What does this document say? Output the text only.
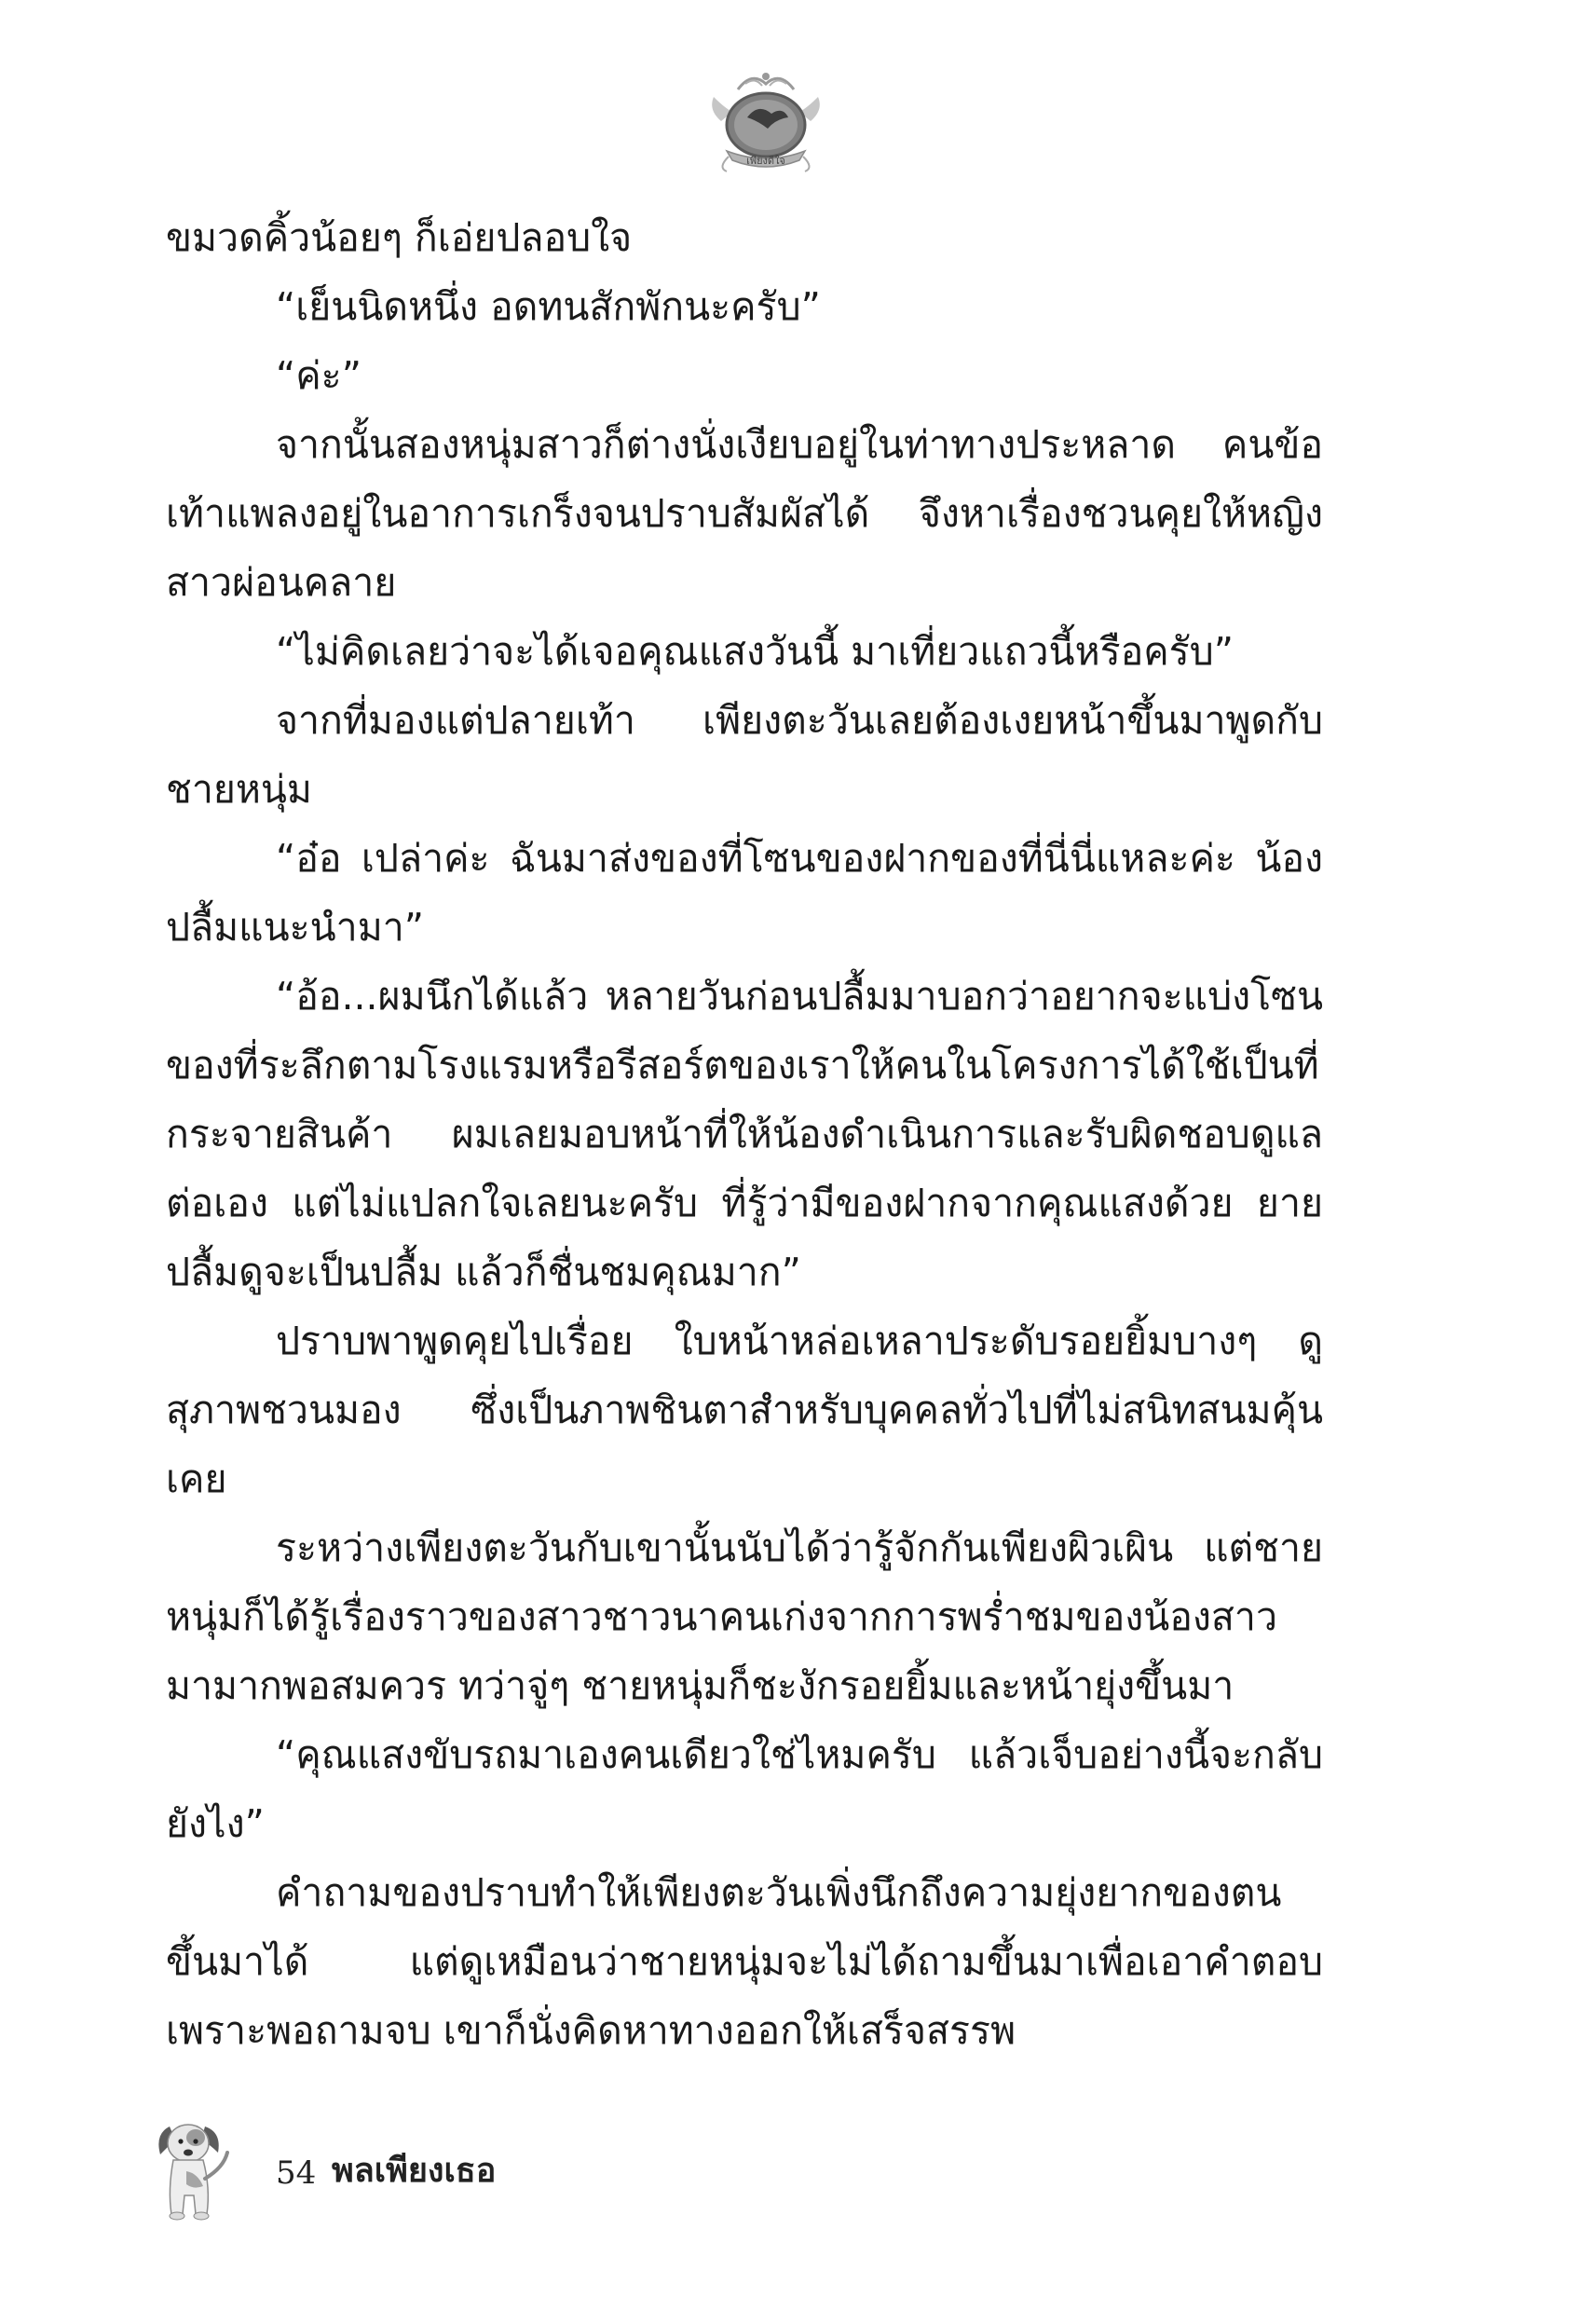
เพียงดีใจ

ขมวดคิ้วน้อยๆ ก็เอ่ยปลอบใจ

“เย็นนิดหนึ่ง อดทนสักพักนะครับ”

“ค่ะ”

จากนั้นสองหนุ่มสาวก็ต่างนั่งเงียบอยู่ในท่าทางประหลาด คนข้อเท้าแพลงอยู่ในอาการเกร็งจนปราบสัมผัสได้ จึงหาเรื่องชวนคุยให้หญิงสาวผ่อนคลาย

“ไม่คิดเลยว่าจะได้เจอคุณแสงวันนี้ มาเที่ยวแถวนี้หรือครับ”

จากที่มองแต่ปลายเท้า เพียงตะวันเลยต้องเงยหน้าขึ้นมาพูดกับชายหนุ่ม

“อ๋อ เปล่าค่ะ ฉันมาส่งของที่โซนของฝากของที่นี่นี่แหละค่ะ น้องปลื้มแนะนำมา”

“อ้อ...ผมนึกได้แล้ว หลายวันก่อนปลื้มมาบอกว่าอยากจะแบ่งโซนของที่ระลึกตามโรงแรมหรือรีสอร์ตของเราให้คนในโครงการได้ใช้เป็นที่กระจายสินค้า ผมเลยมอบหน้าที่ให้น้องดำเนินการและรับผิดชอบดูแลต่อเอง แต่ไม่แปลกใจเลยนะครับ ที่รู้ว่ามีของฝากจากคุณแสงด้วย ยายปลื้มดูจะเป็นปลื้ม แล้วก็ชื่นชมคุณมาก”

ปราบพาพูดคุยไปเรื่อย ใบหน้าหล่อเหลาประดับรอยยิ้มบางๆ ดูสุภาพชวนมอง ซึ่งเป็นภาพชินตาสำหรับบุคคลทั่วไปที่ไม่สนิทสนมคุ้นเคย

ระหว่างเพียงตะวันกับเขานั้นนับได้ว่ารู้จักกันเพียงผิวเผิน แต่ชายหนุ่มก็ได้รู้เรื่องราวของสาวชาวนาคนเก่งจากการพร่ำชมของน้องสาวมามากพอสมควร ทว่าจู่ๆ ชายหนุ่มก็ชะงักรอยยิ้มและหน้ายุ่งขึ้นมา

“คุณแสงขับรถมาเองคนเดียวใช่ไหมครับ แล้วเจ็บอย่างนี้จะกลับยังไง”

คำถามของปราบทำให้เพียงตะวันเพิ่งนึกถึงความยุ่งยากของตนขึ้นมาได้ แต่ดูเหมือนว่าชายหนุ่มจะไม่ได้ถามขึ้นมาเพื่อเอาคำตอบ เพราะพอถามจบ เขาก็นั่งคิดหาทางออกให้เสร็จสรรพ

54 พลเพียงเธอ
